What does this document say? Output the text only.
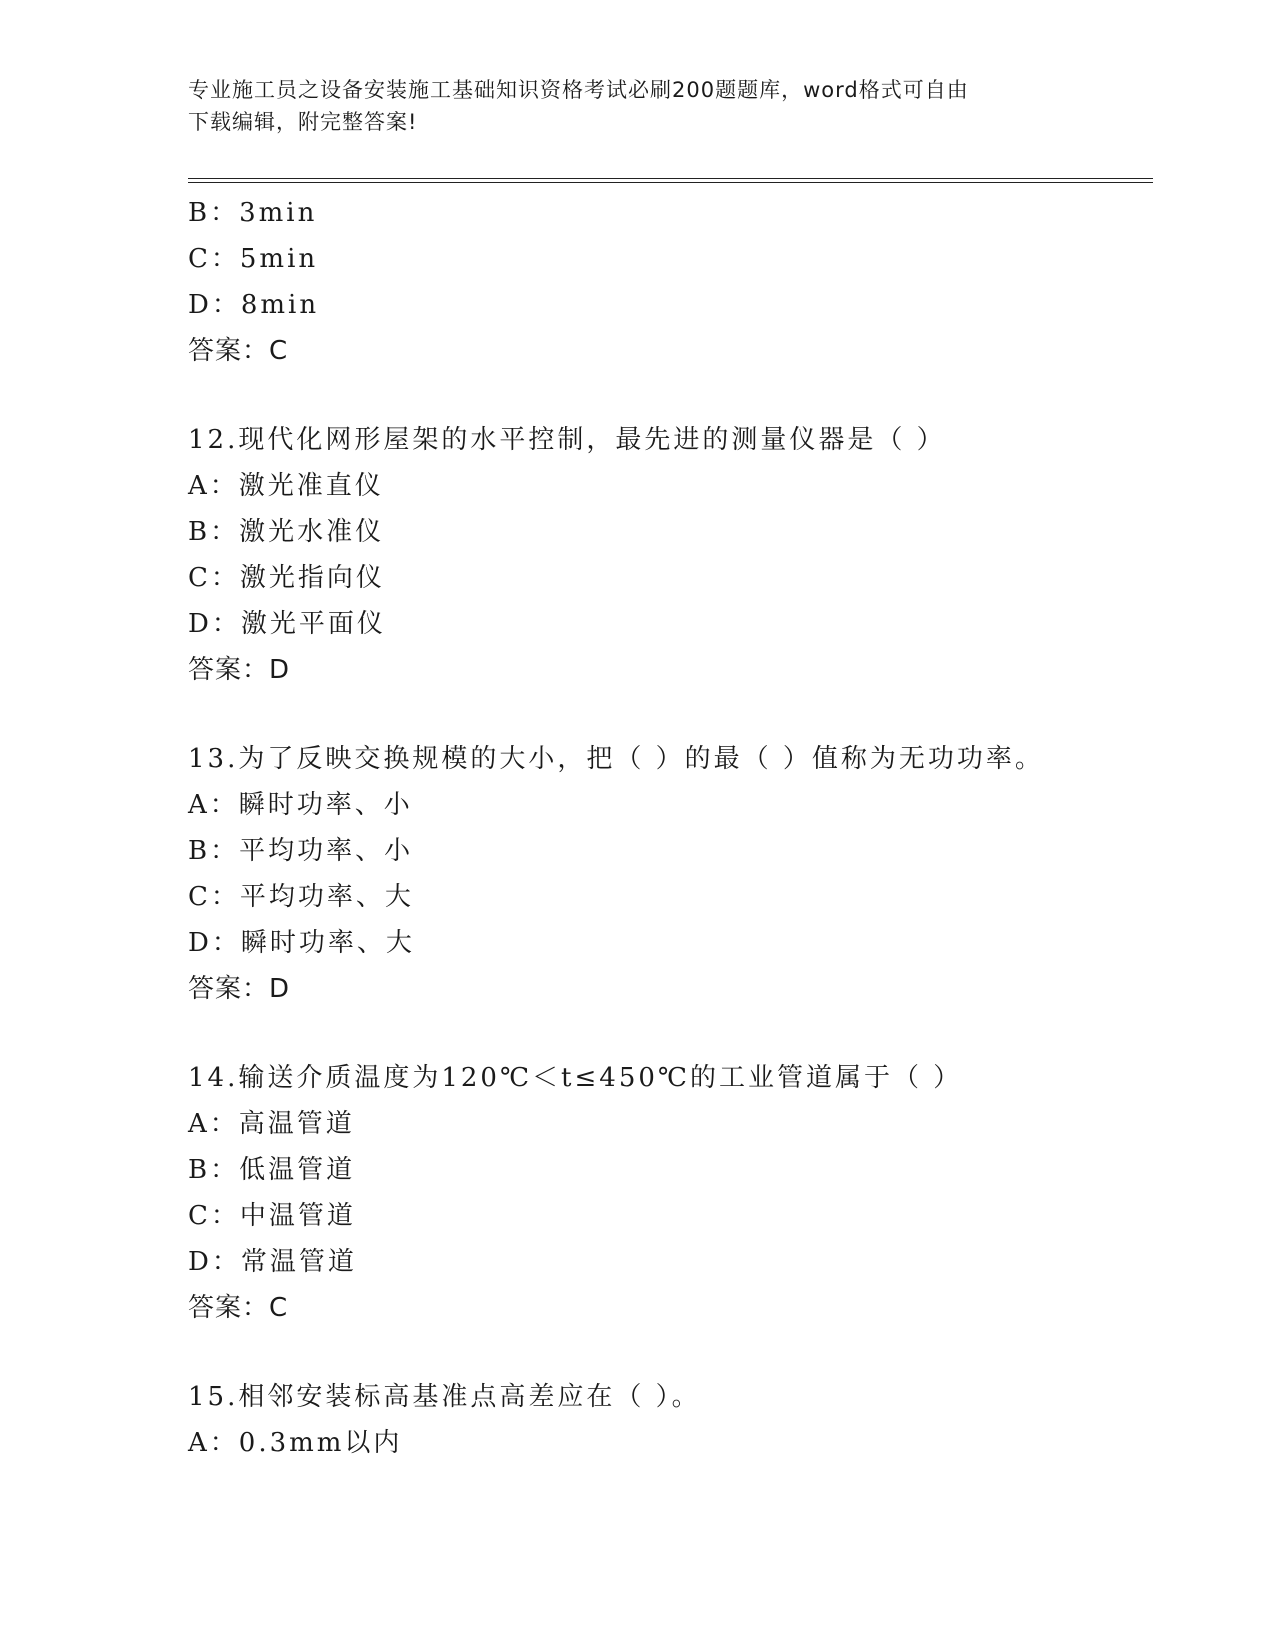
专业施工员之设备安装施工基础知识资格考试必刷200题题库，word格式可自由
下载编辑，附完整答案!
B：3min
C：5min
D：8min
答案：C
12.现代化网形屋架的水平控制，最先进的测量仪器是（ ）
A：激光准直仪
B：激光水准仪
C：激光指向仪
D：激光平面仪
答案：D
13.为了反映交换规模的大小，把（ ）的最（ ）值称为无功功率。
A：瞬时功率、小
B：平均功率、小
C：平均功率、大
D：瞬时功率、大
答案：D
14.输送介质温度为120℃＜t≤450℃的工业管道属于（ ）
A：高温管道
B：低温管道
C：中温管道
D：常温管道
答案：C
15.相邻安装标高基准点高差应在（ ）。
A：0.3mm以内
